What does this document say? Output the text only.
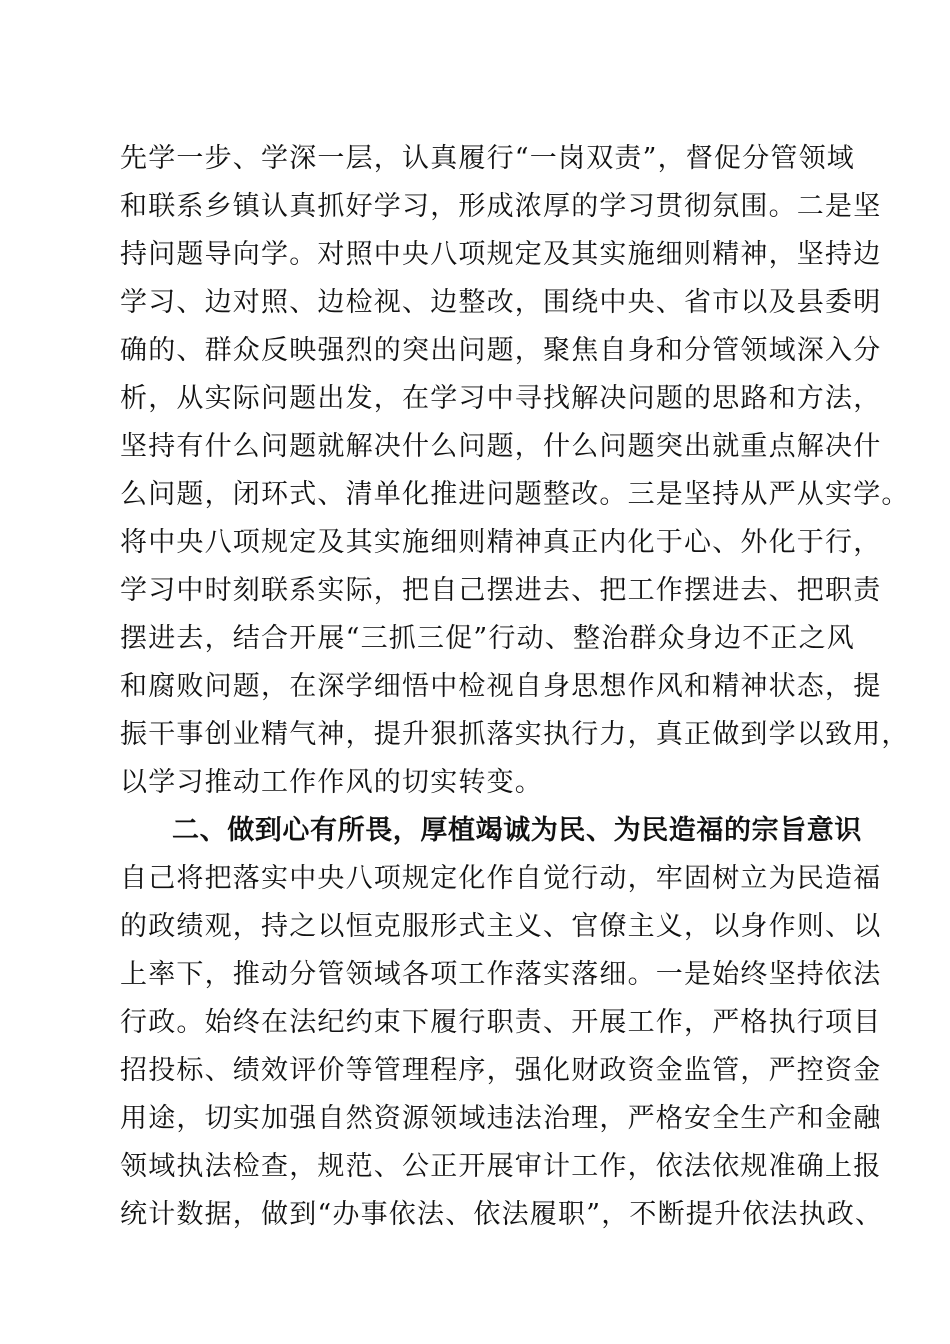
先学一步、学深一层，认真履行“一岗双责”，督促分管领域
和联系乡镇认真抓好学习，形成浓厚的学习贯彻氛围。二是坚
持问题导向学。对照中央八项规定及其实施细则精神，坚持边
学习、边对照、边检视、边整改，围绕中央、省市以及县委明
确的、群众反映强烈的突出问题，聚焦自身和分管领域深入分
析，从实际问题出发，在学习中寻找解决问题的思路和方法，
坚持有什么问题就解决什么问题，什么问题突出就重点解决什
么问题，闭环式、清单化推进问题整改。三是坚持从严从实学。
将中央八项规定及其实施细则精神真正内化于心、外化于行，
学习中时刻联系实际，把自己摆进去、把工作摆进去、把职责
摆进去，结合开展“三抓三促”行动、整治群众身边不正之风
和腐败问题，在深学细悟中检视自身思想作风和精神状态，提
振干事创业精气神，提升狠抓落实执行力，真正做到学以致用，
以学习推动工作作风的切实转变。
二、做到心有所畏，厚植竭诚为民、为民造福的宗旨意识
自己将把落实中央八项规定化作自觉行动，牢固树立为民造福
的政绩观，持之以恒克服形式主义、官僚主义，以身作则、以
上率下，推动分管领域各项工作落实落细。一是始终坚持依法
行政。始终在法纪约束下履行职责、开展工作，严格执行项目
招投标、绩效评价等管理程序，强化财政资金监管，严控资金
用途，切实加强自然资源领域违法治理，严格安全生产和金融
领域执法检查，规范、公正开展审计工作，依法依规准确上报
统计数据，做到“办事依法、依法履职”，不断提升依法执政、
